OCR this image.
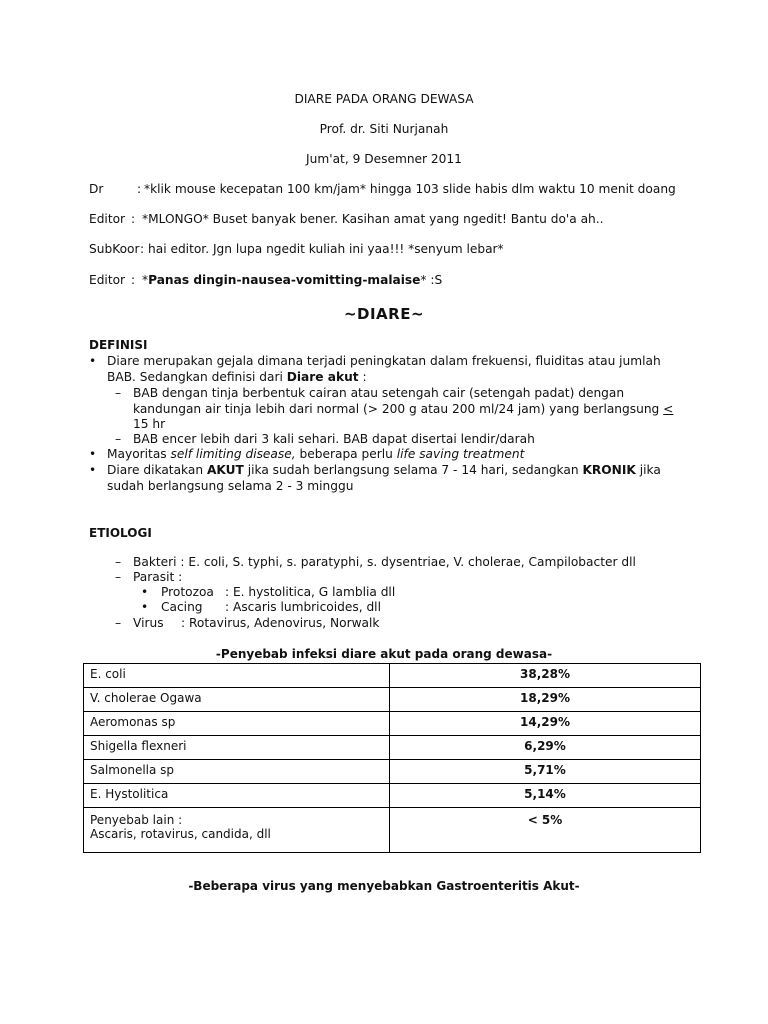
DIARE PADA ORANG DEWASA
Prof. dr. Siti Nurjanah
Jum'at, 9 Desemner 2011
Dr	: *klik mouse kecepatan 100 km/jam* hingga 103 slide habis dlm waktu 10 menit doang
Editor : *MLONGO* Buset banyak bener. Kasihan amat yang ngedit! Bantu do'a ah..
SubKoor : hai editor. Jgn lupa ngedit kuliah ini yaa!!! *senyum lebar*
Editor : *Panas dingin-nausea-vomitting-malaise* :S
~DIARE~
DEFINISI
• Diare merupakan gejala dimana terjadi peningkatan dalam frekuensi, fluiditas atau jumlah
BAB. Sedangkan definisi dari Diare akut :
– BAB dengan tinja berbentuk cairan atau setengah cair (setengah padat) dengan
kandungan air tinja lebih dari normal (> 200 g atau 200 ml/24 jam) yang berlangsung <
15 hr
– BAB encer lebih dari 3 kali sehari. BAB dapat disertai lendir/darah
• Mayoritas self limiting disease, beberapa perlu life saving treatment
• Diare dikatakan AKUT jika sudah berlangsung selama 7 - 14 hari, sedangkan KRONIK jika
sudah berlangsung selama 2 - 3 minggu
ETIOLOGI
– Bakteri : E. coli, S. typhi, s. paratyphi, s. dysentriae, V. cholerae, Campilobacter dll
– Parasit :
• Protozoa : E. hystolitica, G lamblia dll
• Cacing : Ascaris lumbricoides, dll
– Virus : Rotavirus, Adenovirus, Norwalk
-Penyebab infeksi diare akut pada orang dewasa-
E. coli	38,28%
V. cholerae Ogawa	18,29%
Aeromonas sp	14,29%
Shigella flexneri	6,29%
Salmonella sp	5,71%
E. Hystolitica	5,14%

Penyebab lain :
Ascaris, rotavirus, candida, dll	< 5%
-Beberapa virus yang menyebabkan Gastroenteritis Akut-
